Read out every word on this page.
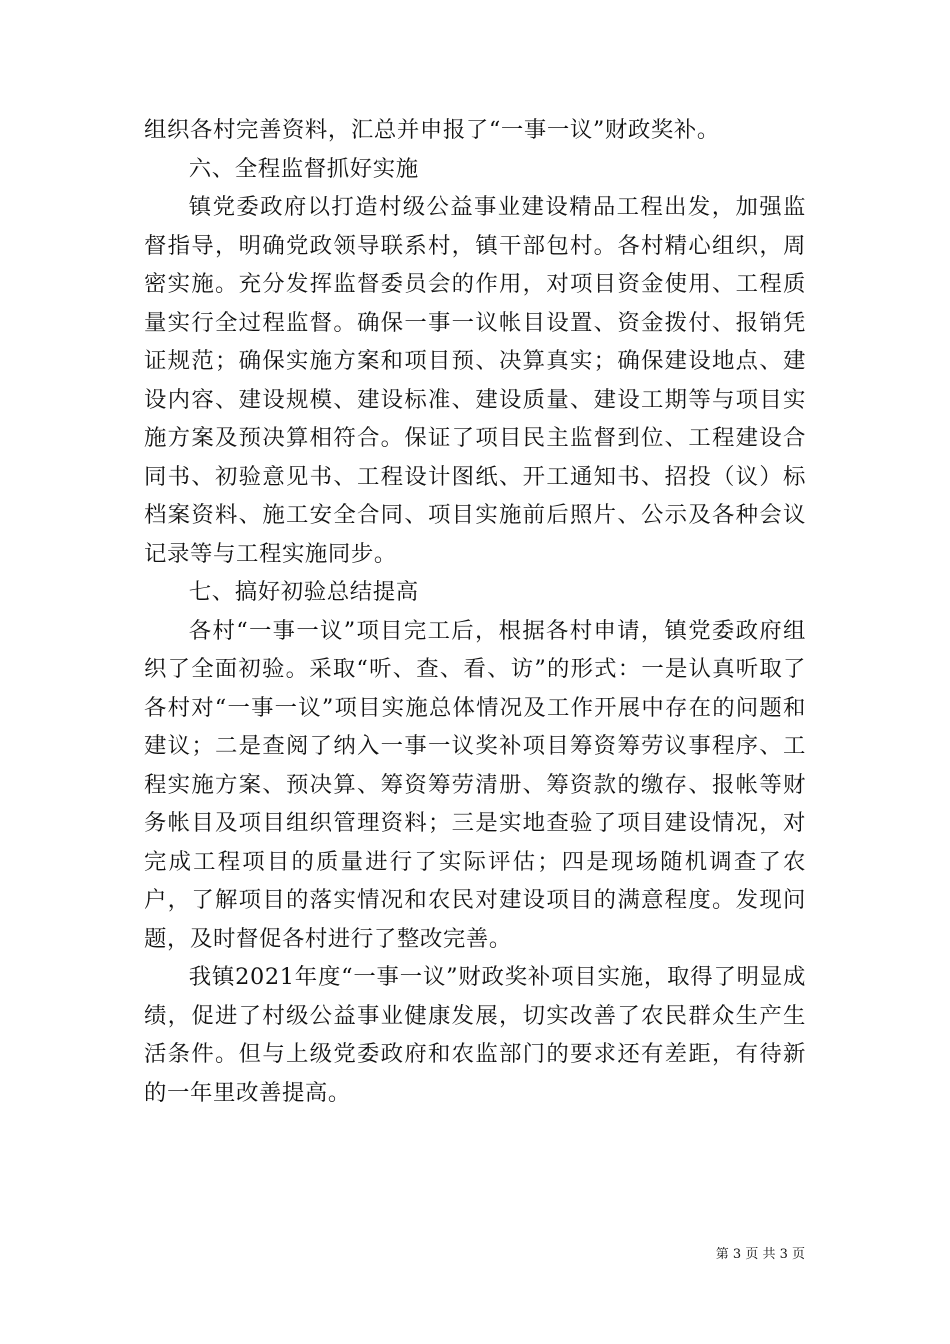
组织各村完善资料，汇总并申报了“一事一议”财政奖补。

六、全程监督抓好实施

镇党委政府以打造村级公益事业建设精品工程出发，加强监督指导，明确党政领导联系村，镇干部包村。各村精心组织，周密实施。充分发挥监督委员会的作用，对项目资金使用、工程质量实行全过程监督。确保一事一议帐目设置、资金拨付、报销凭证规范；确保实施方案和项目预、决算真实；确保建设地点、建设内容、建设规模、建设标准、建设质量、建设工期等与项目实施方案及预决算相符合。保证了项目民主监督到位、工程建设合同书、初验意见书、工程设计图纸、开工通知书、招投（议）标档案资料、施工安全合同、项目实施前后照片、公示及各种会议记录等与工程实施同步。

七、搞好初验总结提高

各村“一事一议”项目完工后，根据各村申请，镇党委政府组织了全面初验。采取“听、查、看、访”的形式：一是认真听取了各村对“一事一议”项目实施总体情况及工作开展中存在的问题和建议；二是查阅了纳入一事一议奖补项目筹资筹劳议事程序、工程实施方案、预决算、筹资筹劳清册、筹资款的缴存、报帐等财务帐目及项目组织管理资料；三是实地查验了项目建设情况，对完成工程项目的质量进行了实际评估；四是现场随机调查了农户，了解项目的落实情况和农民对建设项目的满意程度。发现问题，及时督促各村进行了整改完善。

我镇2021年度“一事一议”财政奖补项目实施，取得了明显成绩，促进了村级公益事业健康发展，切实改善了农民群众生产生活条件。但与上级党委政府和农监部门的要求还有差距，有待新的一年里改善提高。

第 3 页 共 3 页
